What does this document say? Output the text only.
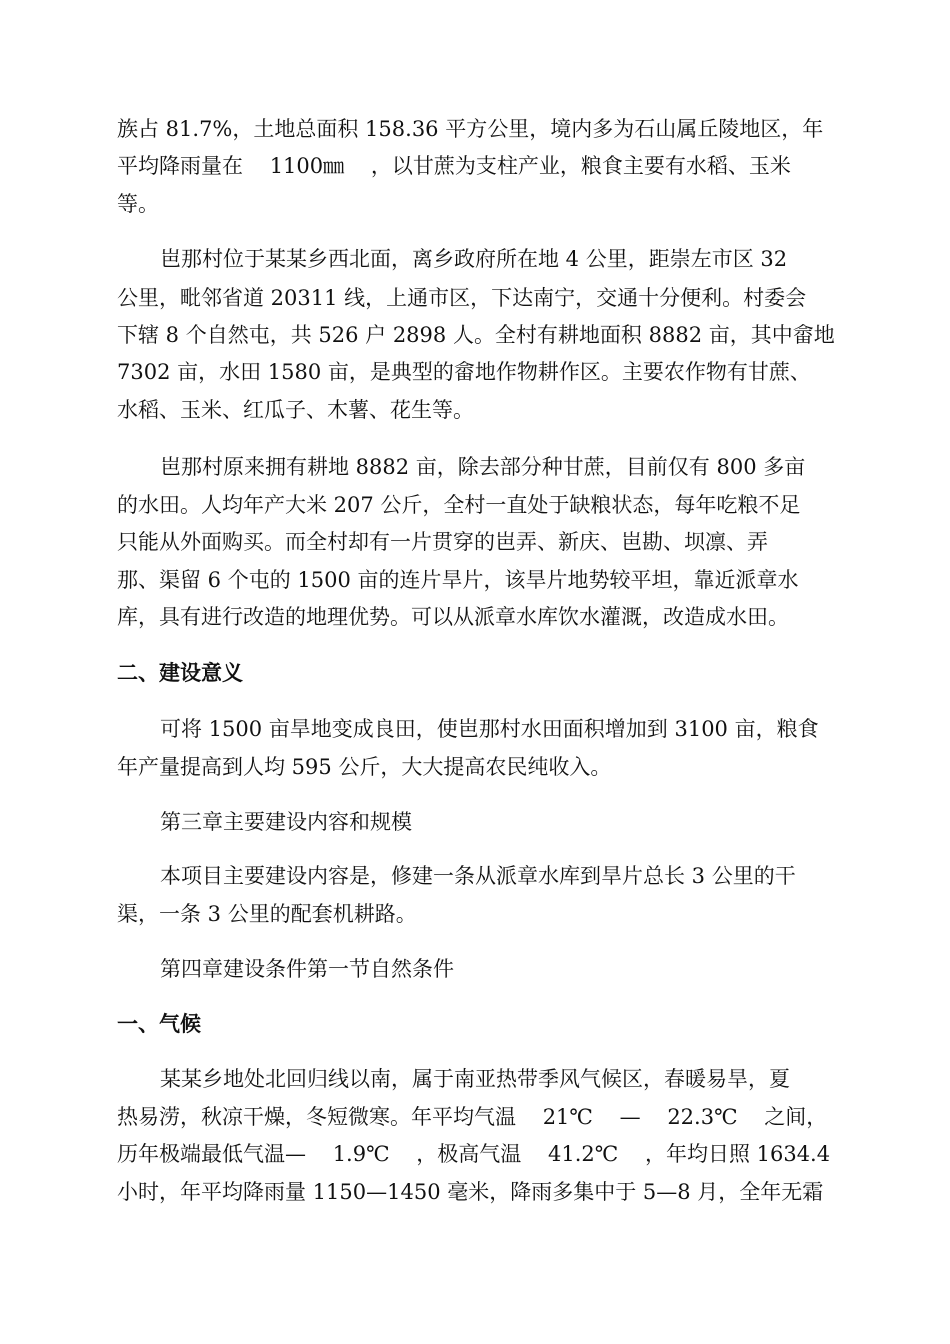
族占 81.7%，土地总面积 158.36 平方公里，境内多为石山属丘陵地区，年
平均降雨量在    1100㎜    ，以甘蔗为支柱产业，粮食主要有水稻、玉米
等。
岜那村位于某某乡西北面，离乡政府所在地 4 公里，距崇左市区 32
公里，毗邻省道 20311 线，上通市区，下达南宁，交通十分便利。村委会
下辖 8 个自然屯，共 526 户 2898 人。全村有耕地面积 8882 亩，其中畲地
7302 亩，水田 1580 亩，是典型的畲地作物耕作区。主要农作物有甘蔗、
水稻、玉米、红瓜子、木薯、花生等。
岜那村原来拥有耕地 8882 亩，除去部分种甘蔗，目前仅有 800 多亩
的水田。人均年产大米 207 公斤，全村一直处于缺粮状态，每年吃粮不足
只能从外面购买。而全村却有一片贯穿的岜弄、新庆、岜勘、坝凛、弄
那、渠留 6 个屯的 1500 亩的连片旱片，该旱片地势较平坦，靠近派章水
库，具有进行改造的地理优势。可以从派章水库饮水灌溉，改造成水田。
二、建设意义
可将 1500 亩旱地变成良田，使岜那村水田面积增加到 3100 亩，粮食
年产量提高到人均 595 公斤，大大提高农民纯收入。
第三章主要建设内容和规模
本项目主要建设内容是，修建一条从派章水库到旱片总长 3 公里的干
渠，一条 3 公里的配套机耕路。
第四章建设条件第一节自然条件
一、气候
某某乡地处北回归线以南，属于南亚热带季风气候区，春暖易旱，夏
热易涝，秋凉干燥，冬短微寒。年平均气温    21℃    —    22.3℃    之间，
历年极端最低气温—    1.9℃    ，极高气温    41.2℃    ，年均日照 1634.4
小时，年平均降雨量 1150—1450 毫米，降雨多集中于 5—8 月，全年无霜
